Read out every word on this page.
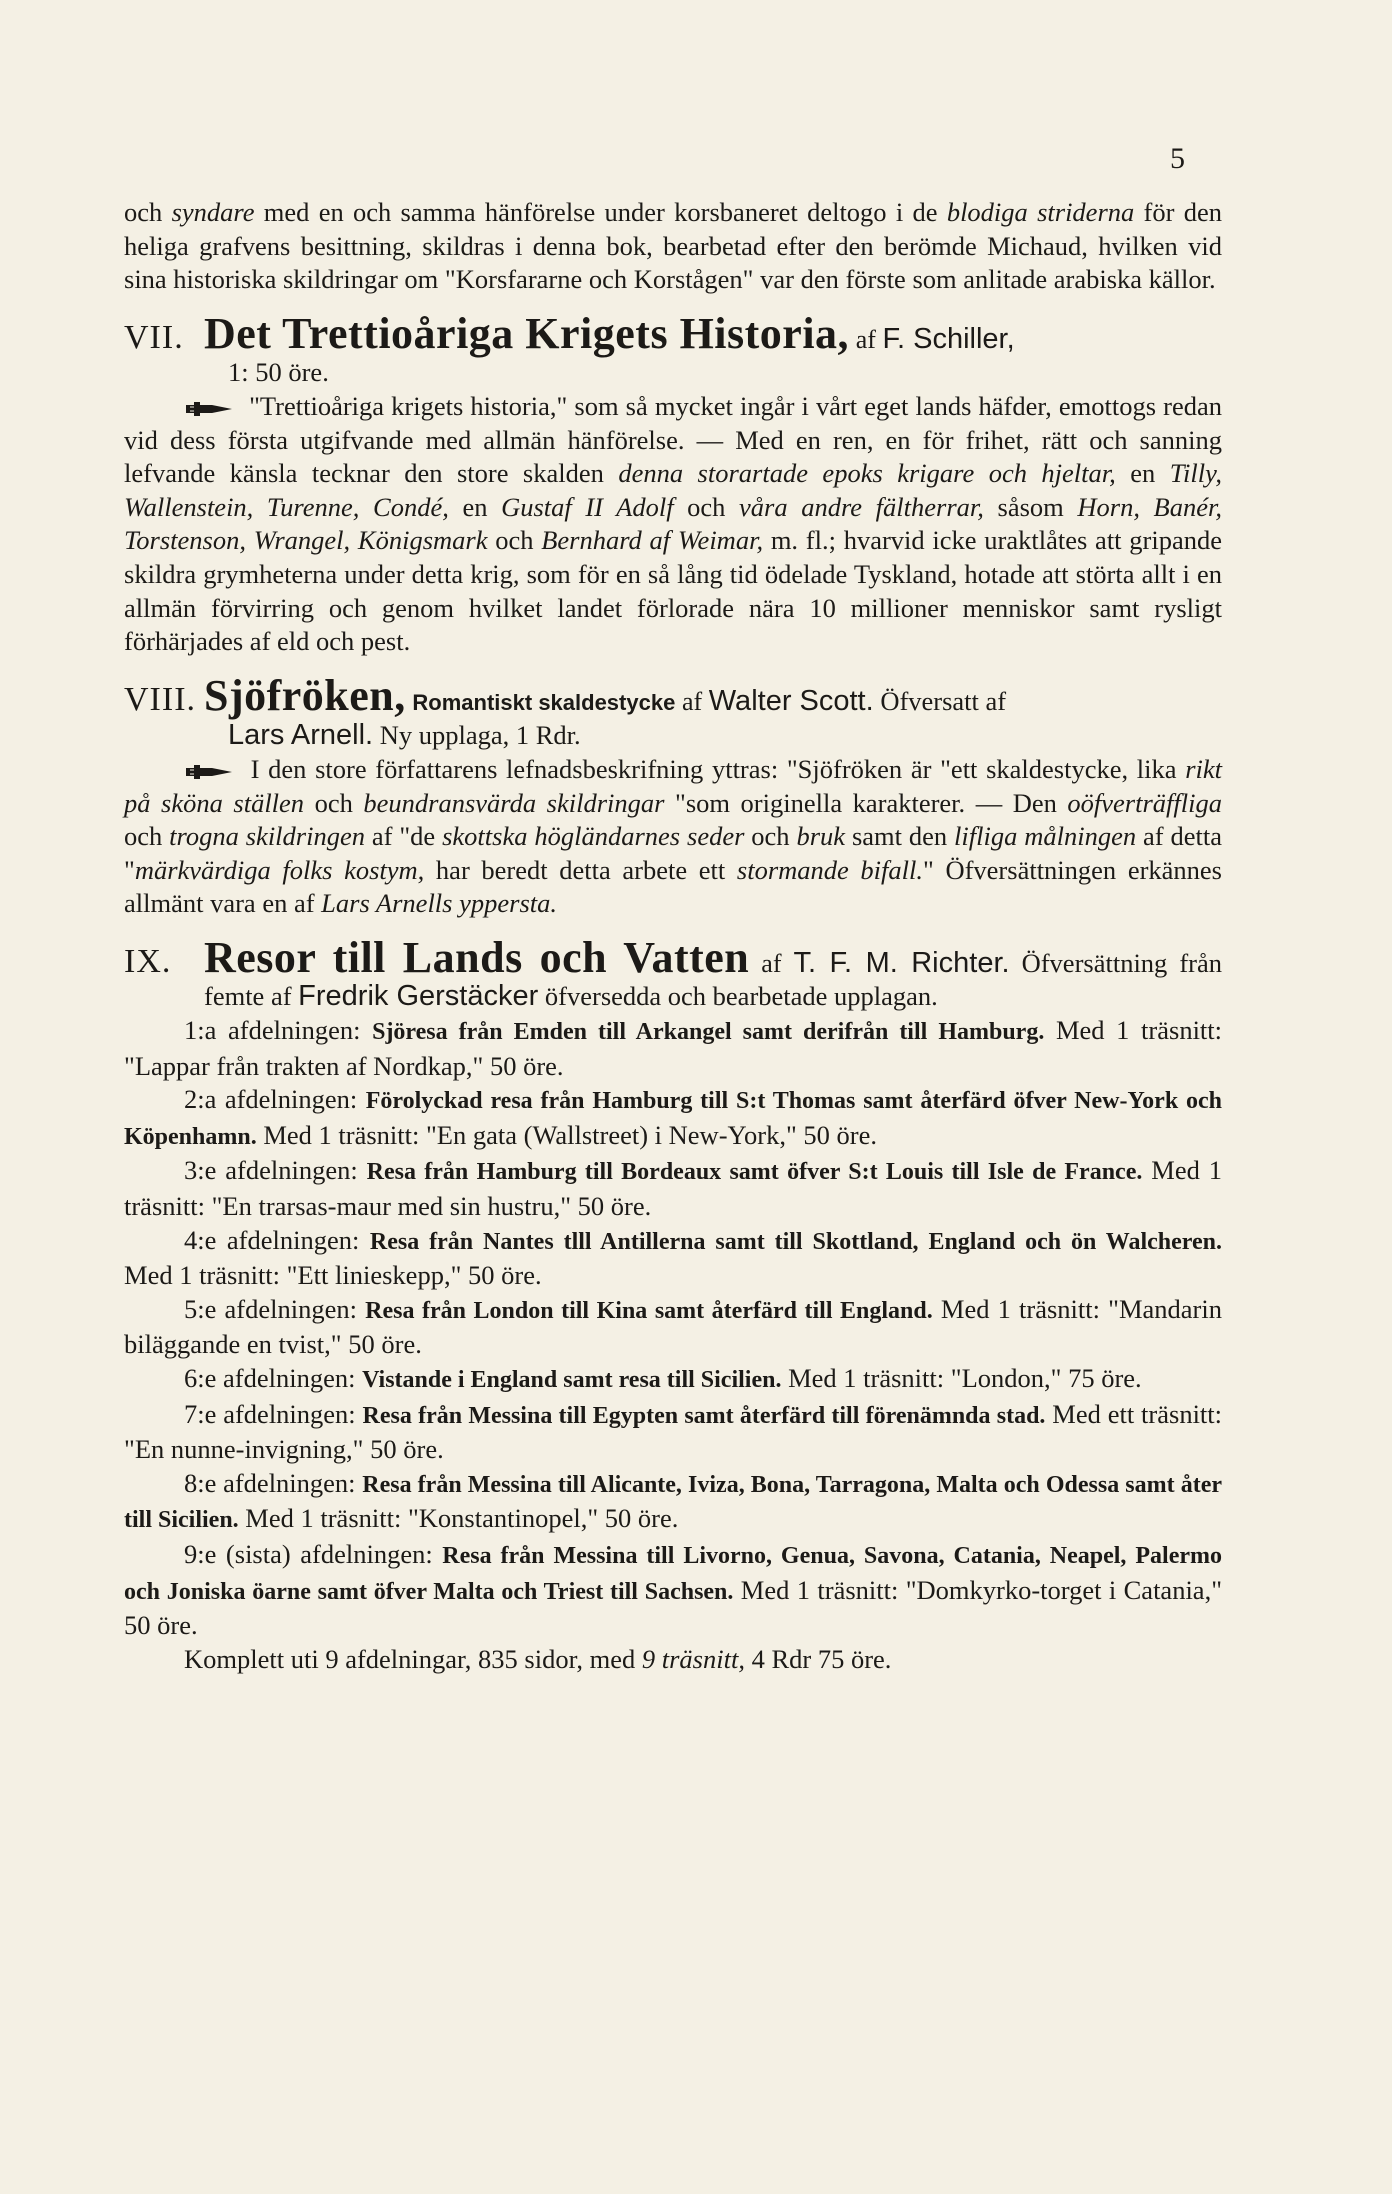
5

och syndare med en och samma hänförelse under korsbaneret deltogo i de blodiga striderna för den heliga grafvens besittning, skildras i denna bok, bearbetad efter den berömde Michaud, hvilken vid sina historiska skildringar om "Korsfararne och Korstågen" var den förste som anlitade arabiska källor.

VII. Det Trettioåriga Krigets Historia, af F. Schiller,
1: 50 öre.

"Trettioåriga krigets historia," som så mycket ingår i vårt eget lands häfder, emottogs redan vid dess första utgifvande med allmän hänförelse. — Med en ren, en för frihet, rätt och sanning lefvande känsla tecknar den store skalden denna storartade epoks krigare och hjeltar, en Tilly, Wallenstein, Turenne, Condé, en Gustaf II Adolf och våra andre fältherrar, såsom Horn, Banér, Torstenson, Wrangel, Königsmark och Bernhard af Weimar, m. fl.; hvarvid icke uraktlåtes att gripande skildra grymheterna under detta krig, som för en så lång tid ödelade Tyskland, hotade att störta allt i en allmän förvirring och genom hvilket landet förlorade nära 10 millioner menniskor samt rysligt förhärjades af eld och pest.

VIII. Sjöfröken, Romantiskt skaldestycke af Walter Scott. Öfversatt af
Lars Arnell. Ny upplaga, 1 Rdr.

I den store författarens lefnadsbeskrifning yttras: "Sjöfröken är "ett skaldestycke, lika rikt på sköna ställen och beundransvärda skildringar "som originella karakterer. — Den oöfverträffliga och trogna skildringen af "de skottska högländarnes seder och bruk samt den lifliga målningen af detta "märkvärdiga folks kostym, har beredt detta arbete ett stormande bifall." Öfversättningen erkännes allmänt vara en af Lars Arnells yppersta.

IX. Resor till Lands och Vatten af T. F. M. Richter. Öfversättning från femte af Fredrik Gerstäcker öfversedda och bearbetade upplagan.

1:a afdelningen: Sjöresa från Emden till Arkangel samt derifrån till Hamburg. Med 1 träsnitt: "Lappar från trakten af Nordkap," 50 öre.

2:a afdelningen: Förolyckad resa från Hamburg till S:t Thomas samt återfärd öfver New-York och Köpenhamn. Med 1 träsnitt: "En gata (Wallstreet) i New-York," 50 öre.

3:e afdelningen: Resa från Hamburg till Bordeaux samt öfver S:t Louis till Isle de France. Med 1 träsnitt: "En trarsas-maur med sin hustru," 50 öre.

4:e afdelningen: Resa från Nantes tlll Antillerna samt till Skottland, England och ön Walcheren. Med 1 träsnitt: "Ett linieskepp," 50 öre.

5:e afdelningen: Resa från London till Kina samt återfärd till England. Med 1 träsnitt: "Mandarin biläggande en tvist," 50 öre.

6:e afdelningen: Vistande i England samt resa till Sicilien. Med 1 träsnitt: "London," 75 öre.

7:e afdelningen: Resa från Messina till Egypten samt återfärd till förenämnda stad. Med ett träsnitt: "En nunne-invigning," 50 öre.

8:e afdelningen: Resa från Messina till Alicante, Iviza, Bona, Tarragona, Malta och Odessa samt åter till Sicilien. Med 1 träsnitt: "Konstantinopel," 50 öre.

9:e (sista) afdelningen: Resa från Messina till Livorno, Genua, Savona, Catania, Neapel, Palermo och Joniska öarne samt öfver Malta och Triest till Sachsen. Med 1 träsnitt: "Domkyrko-torget i Catania," 50 öre.

Komplett uti 9 afdelningar, 835 sidor, med 9 träsnitt, 4 Rdr 75 öre.
